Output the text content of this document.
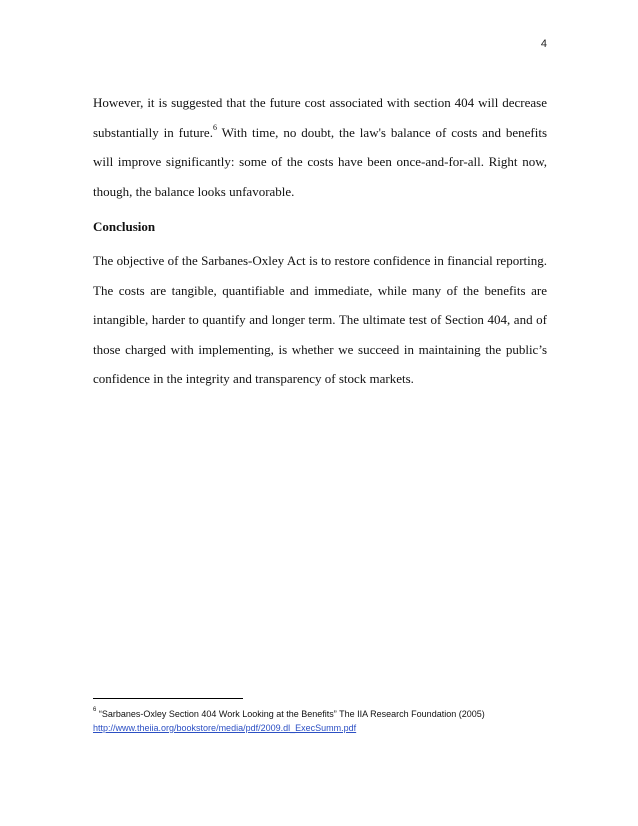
4

However, it is suggested that the future cost associated with section 404 will decrease substantially in future.$^6$ With time, no doubt, the law's balance of costs and benefits will improve significantly: some of the costs have been once-and-for-all. Right now, though, the balance looks unfavorable.

Conclusion

The objective of the Sarbanes-Oxley Act is to restore confidence in financial reporting. The costs are tangible, quantifiable and immediate, while many of the benefits are intangible, harder to quantify and longer term. The ultimate test of Section 404, and of those charged with implementing, is whether we succeed in maintaining the public’s confidence in the integrity and transparency of stock markets.

$^6$ “Sarbanes-Oxley Section 404 Work Looking at the Benefits” The IIA Research Foundation (2005)
http://www.theiia.org/bookstore/media/pdf/2009.dl_ExecSumm.pdf
